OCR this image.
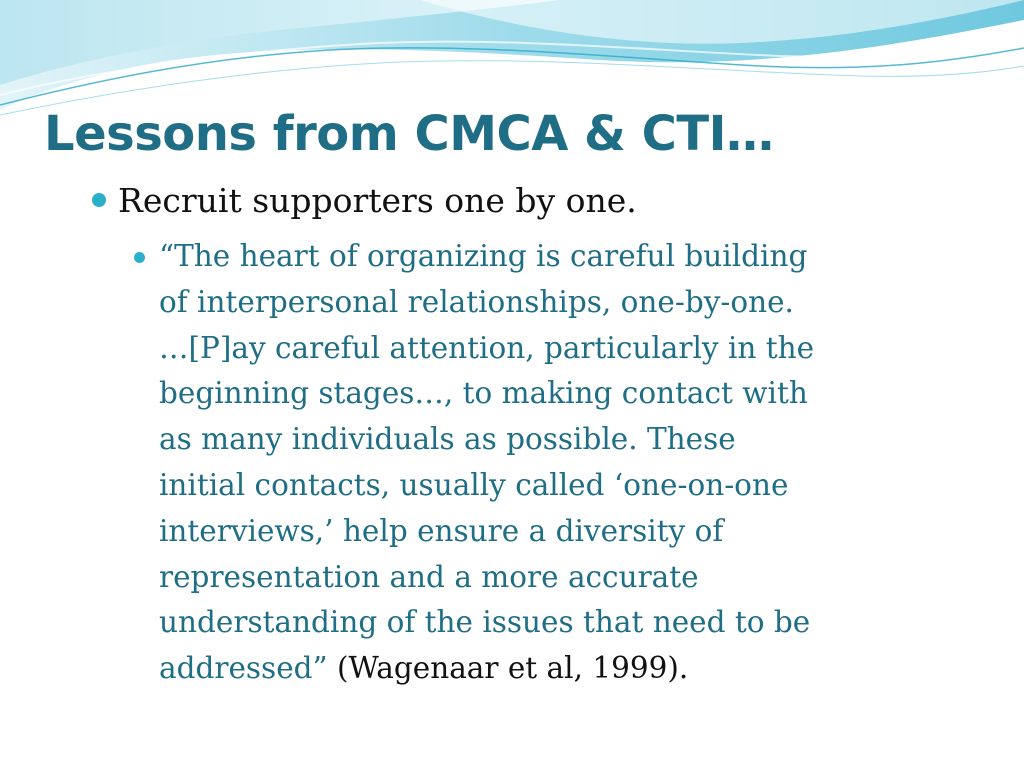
Lessons from CMCA & CTI…
Recruit supporters one by one.

“The heart of organizing is careful building
of interpersonal relationships, one-by-one.
…[P]ay careful attention, particularly in the
beginning stages…, to making contact with
as many individuals as possible. These
initial contacts, usually called ‘one-on-one
interviews,’ help ensure a diversity of
representation and a more accurate
understanding of the issues that need to be
addressed” (Wagenaar et al, 1999).
